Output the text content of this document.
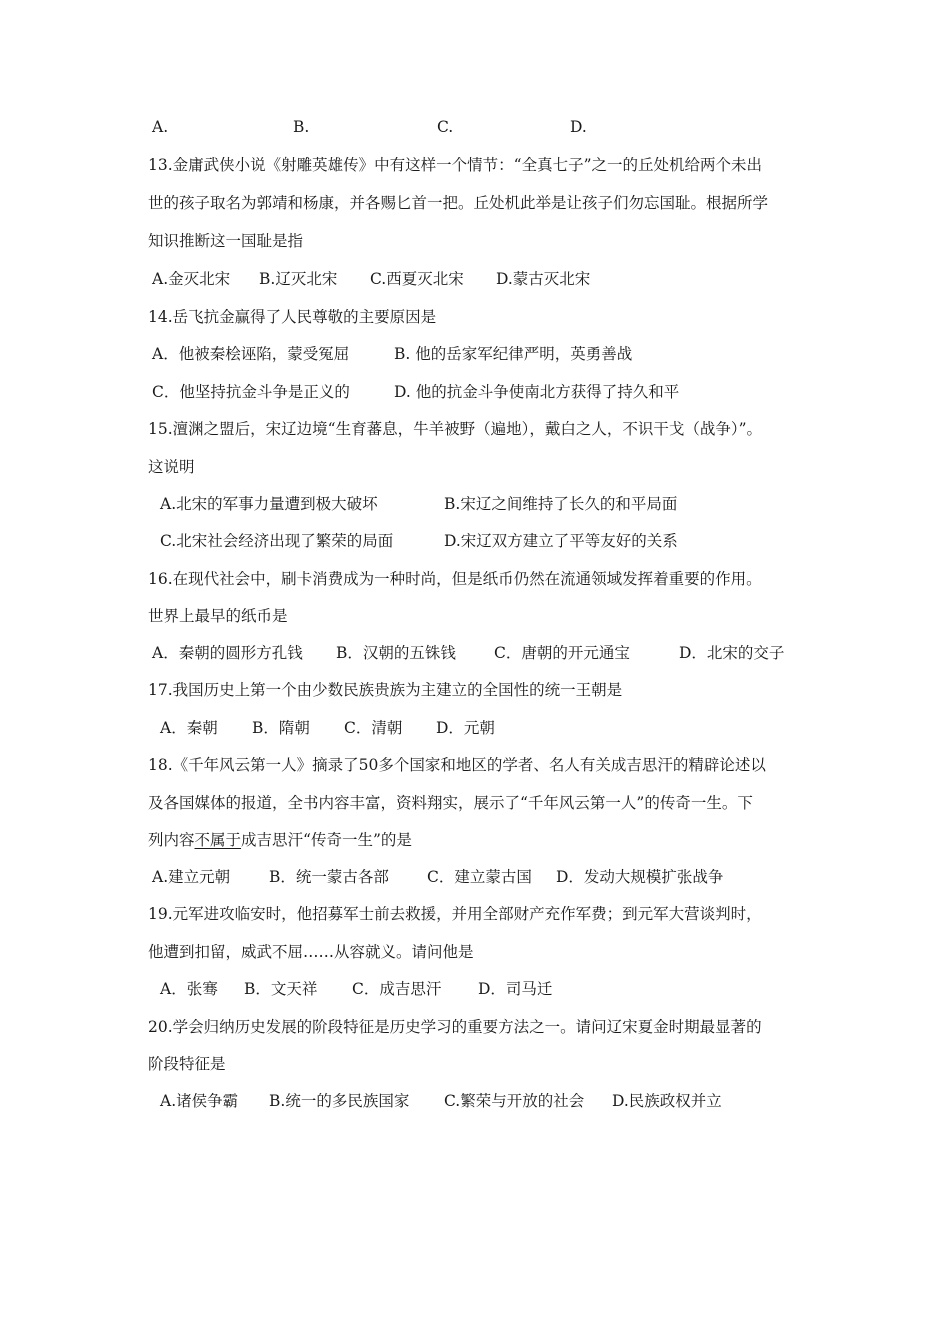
A.	B.	C.	D.
13.金庸武侠小说《射雕英雄传》中有这样一个情节：“全真七子”之一的丘处机给两个未出
世的孩子取名为郭靖和杨康，并各赐匕首一把。丘处机此举是让孩子们勿忘国耻。根据所学
知识推断这一国耻是指
A.金灭北宋 B.辽灭北宋 C.西夏灭北宋 D.蒙古灭北宋
14.岳飞抗金赢得了人民尊敬的主要原因是
A．他被秦桧诬陷，蒙受冤屈	B. 他的岳家军纪律严明，英勇善战
C．他坚持抗金斗争是正义的	D. 他的抗金斗争使南北方获得了持久和平
15.澶渊之盟后，宋辽边境“生育蕃息，牛羊被野（遍地），戴白之人，不识干戈（战争）”。
这说明
A.北宋的军事力量遭到极大破坏	B.宋辽之间维持了长久的和平局面
C.北宋社会经济出现了繁荣的局面	D.宋辽双方建立了平等友好的关系
16.在现代社会中，刷卡消费成为一种时尚，但是纸币仍然在流通领域发挥着重要的作用。
世界上最早的纸币是
A．秦朝的圆形方孔钱 B．汉朝的五铢钱 C．唐朝的开元通宝	D．北宋的交子
17.我国历史上第一个由少数民族贵族为主建立的全国性的统一王朝是
A．秦朝 B．隋朝 C．清朝 D．元朝
18.《千年风云第一人》摘录了50多个国家和地区的学者、名人有关成吉思汗的精辟论述以
及各国媒体的报道，全书内容丰富，资料翔实，展示了“千年风云第一人”的传奇一生。下
列内容不属于成吉思汗“传奇一生”的是
A.建立元朝	B．统一蒙古各部 C．建立蒙古国 D．发动大规模扩张战争
19.元军进攻临安时，他招募军士前去救援，并用全部财产充作军费；到元军大营谈判时，
他遭到扣留，威武不屈……从容就义。请问他是
A．张骞 B．文天祥 C．成吉思汗 D．司马迁
20.学会归纳历史发展的阶段特征是历史学习的重要方法之一。请问辽宋夏金时期最显著的
阶段特征是
A.诸侯争霸 B.统一的多民族国家 C.繁荣与开放的社会 D.民族政权并立
